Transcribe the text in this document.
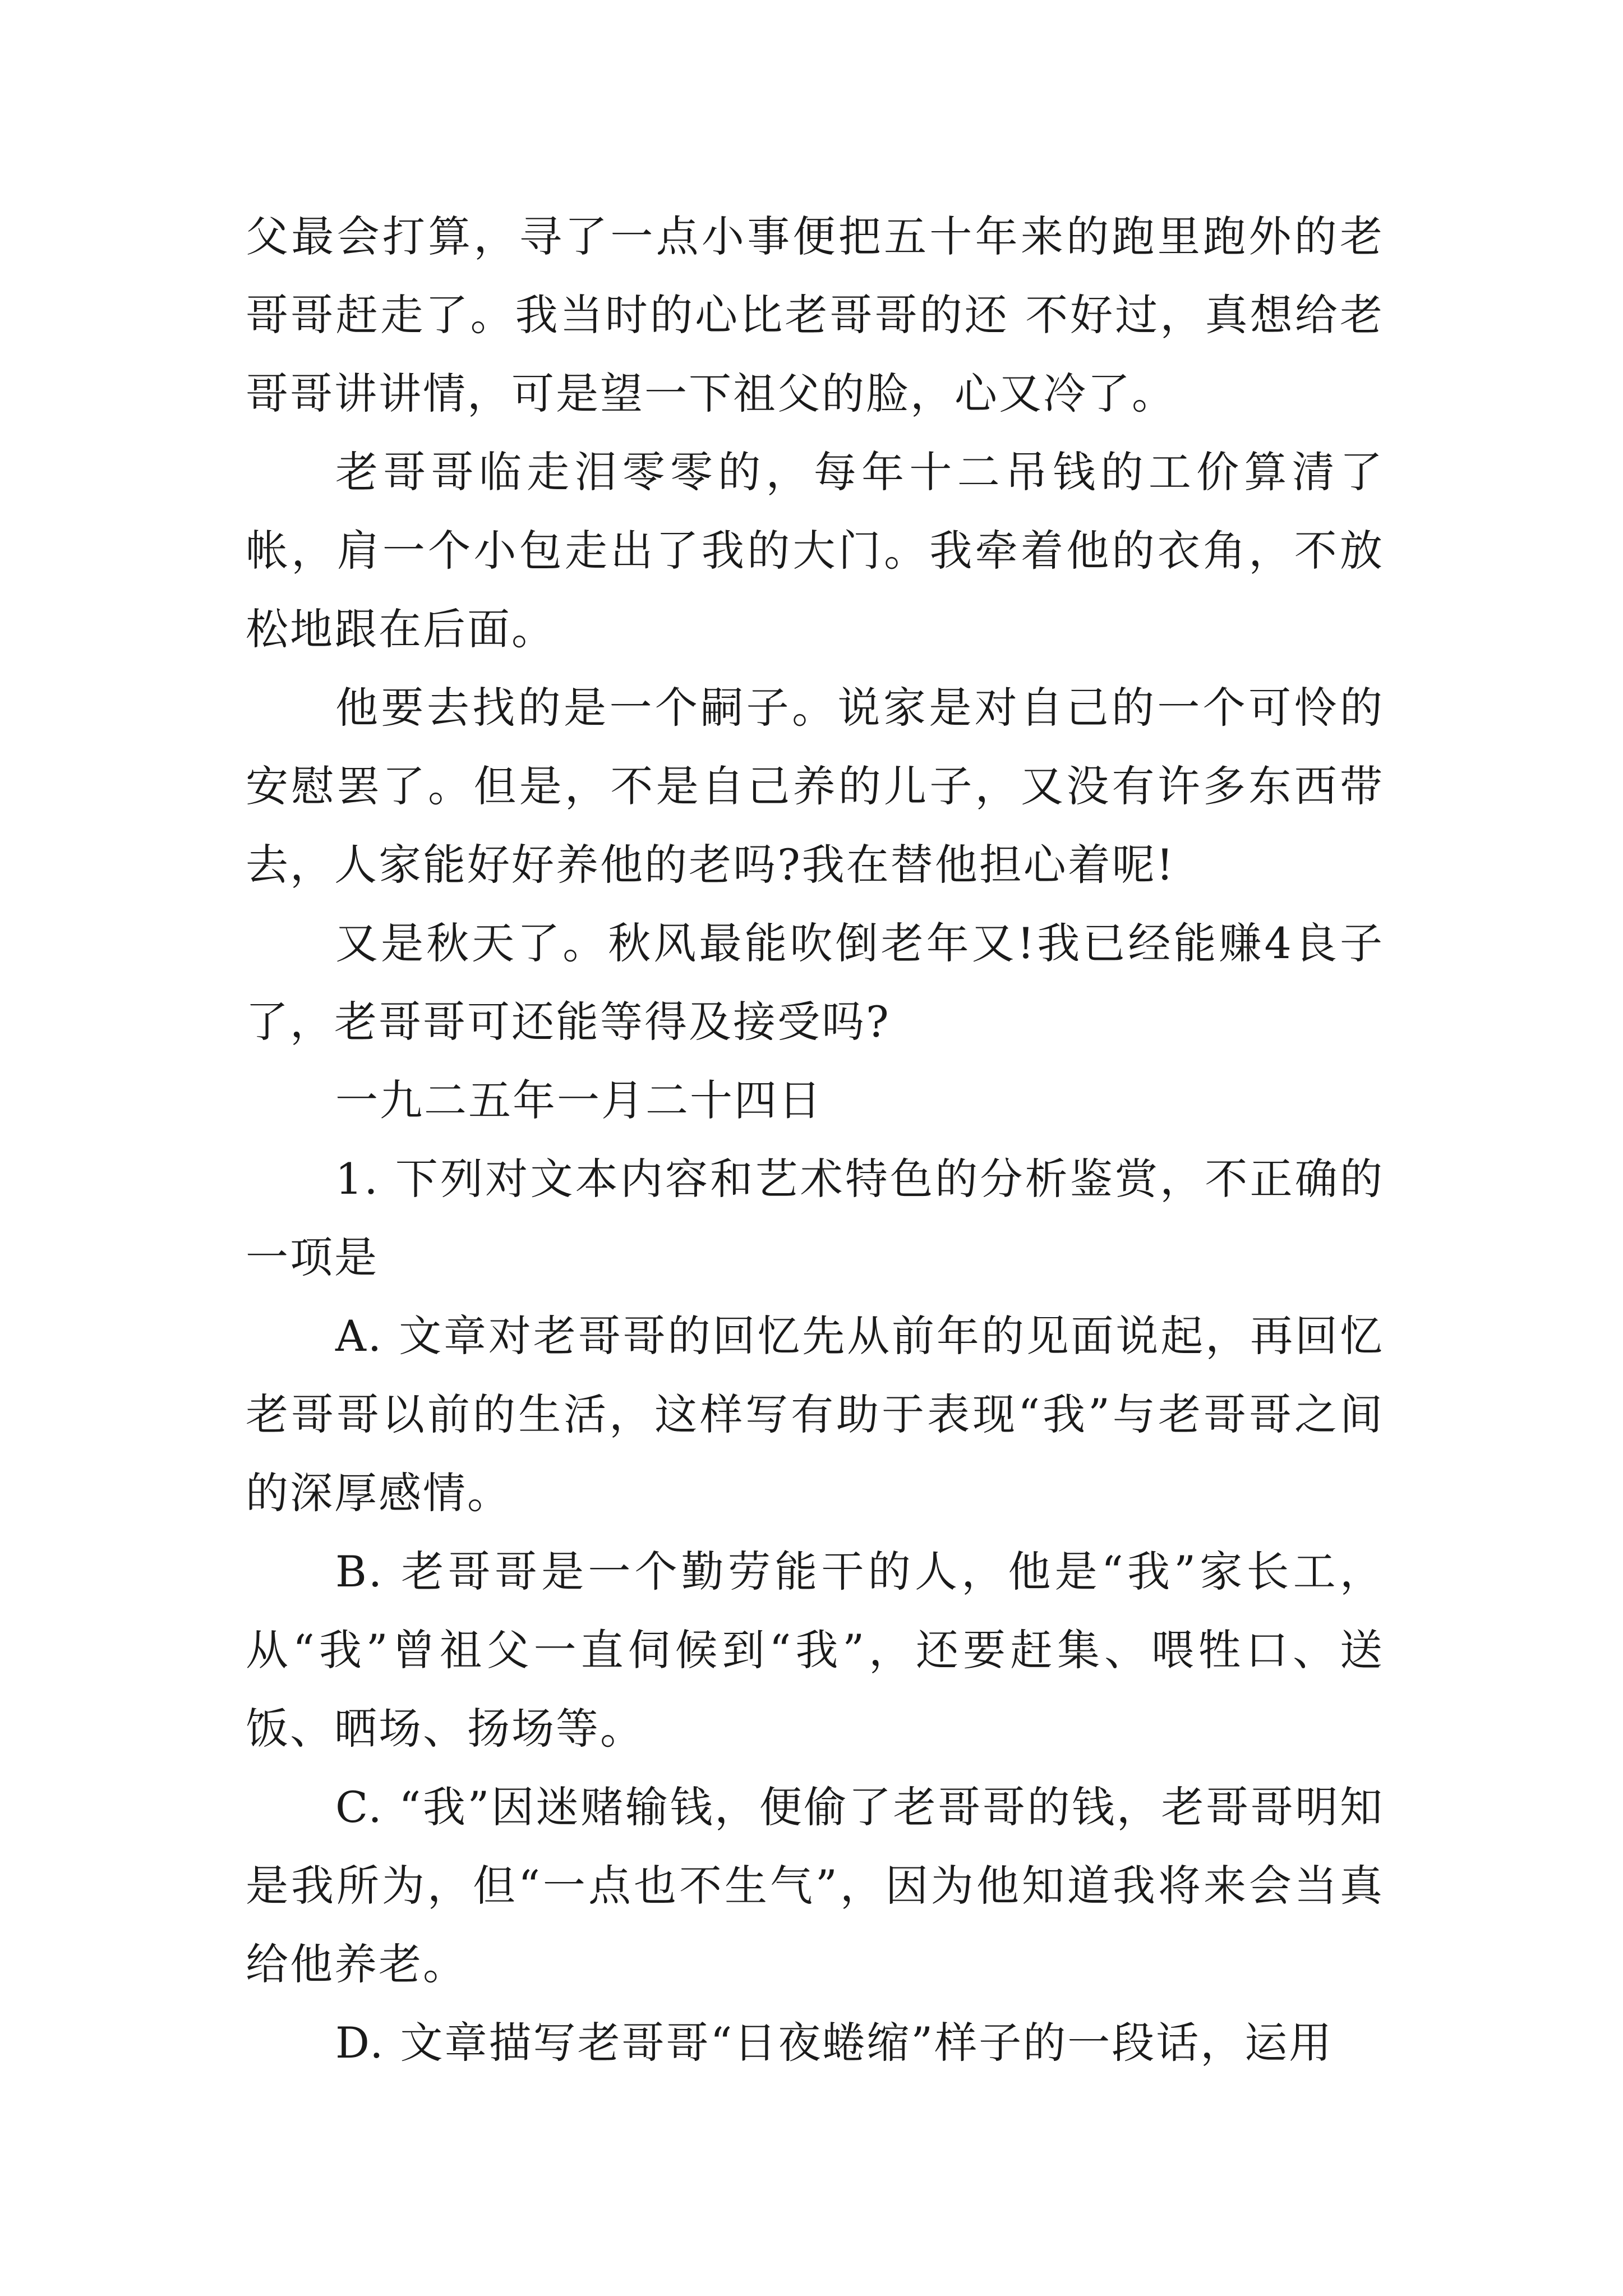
父最会打算，寻了一点小事便把五十年来的跑里跑外的老哥哥赶走了。我当时的心比老哥哥的还 不好过，真想给老哥哥讲讲情，可是望一下祖父的脸，心又冷了。

老哥哥临走泪零零的，每年十二吊钱的工价算清了帐，肩一个小包走出了我的大门。我牵着他的衣角，不放松地跟在后面。

他要去找的是一个嗣子。说家是对自己的一个可怜的安慰罢了。但是，不是自己养的儿子，又没有许多东西带去，人家能好好养他的老吗?我在替他担心着呢!

又是秋天了。秋风最能吹倒老年又!我已经能赚4良子了，老哥哥可还能等得及接受吗?

一九二五年一月二十四日

1. 下列对文本内容和艺术特色的分析鉴赏，不正确的一项是

A. 文章对老哥哥的回忆先从前年的见面说起，再回忆老哥哥以前的生活，这样写有助于表现“我”与老哥哥之间的深厚感情。

B. 老哥哥是一个勤劳能干的人，他是“我”家长工，从“我”曾祖父一直伺候到“我”，还要赶集、喂牲口、送饭、晒场、扬场等。

C. “我”因迷赌输钱，便偷了老哥哥的钱，老哥哥明知是我所为，但“一点也不生气”，因为他知道我将来会当真给他养老。

D. 文章描写老哥哥“日夜蜷缩”样子的一段话，运用
